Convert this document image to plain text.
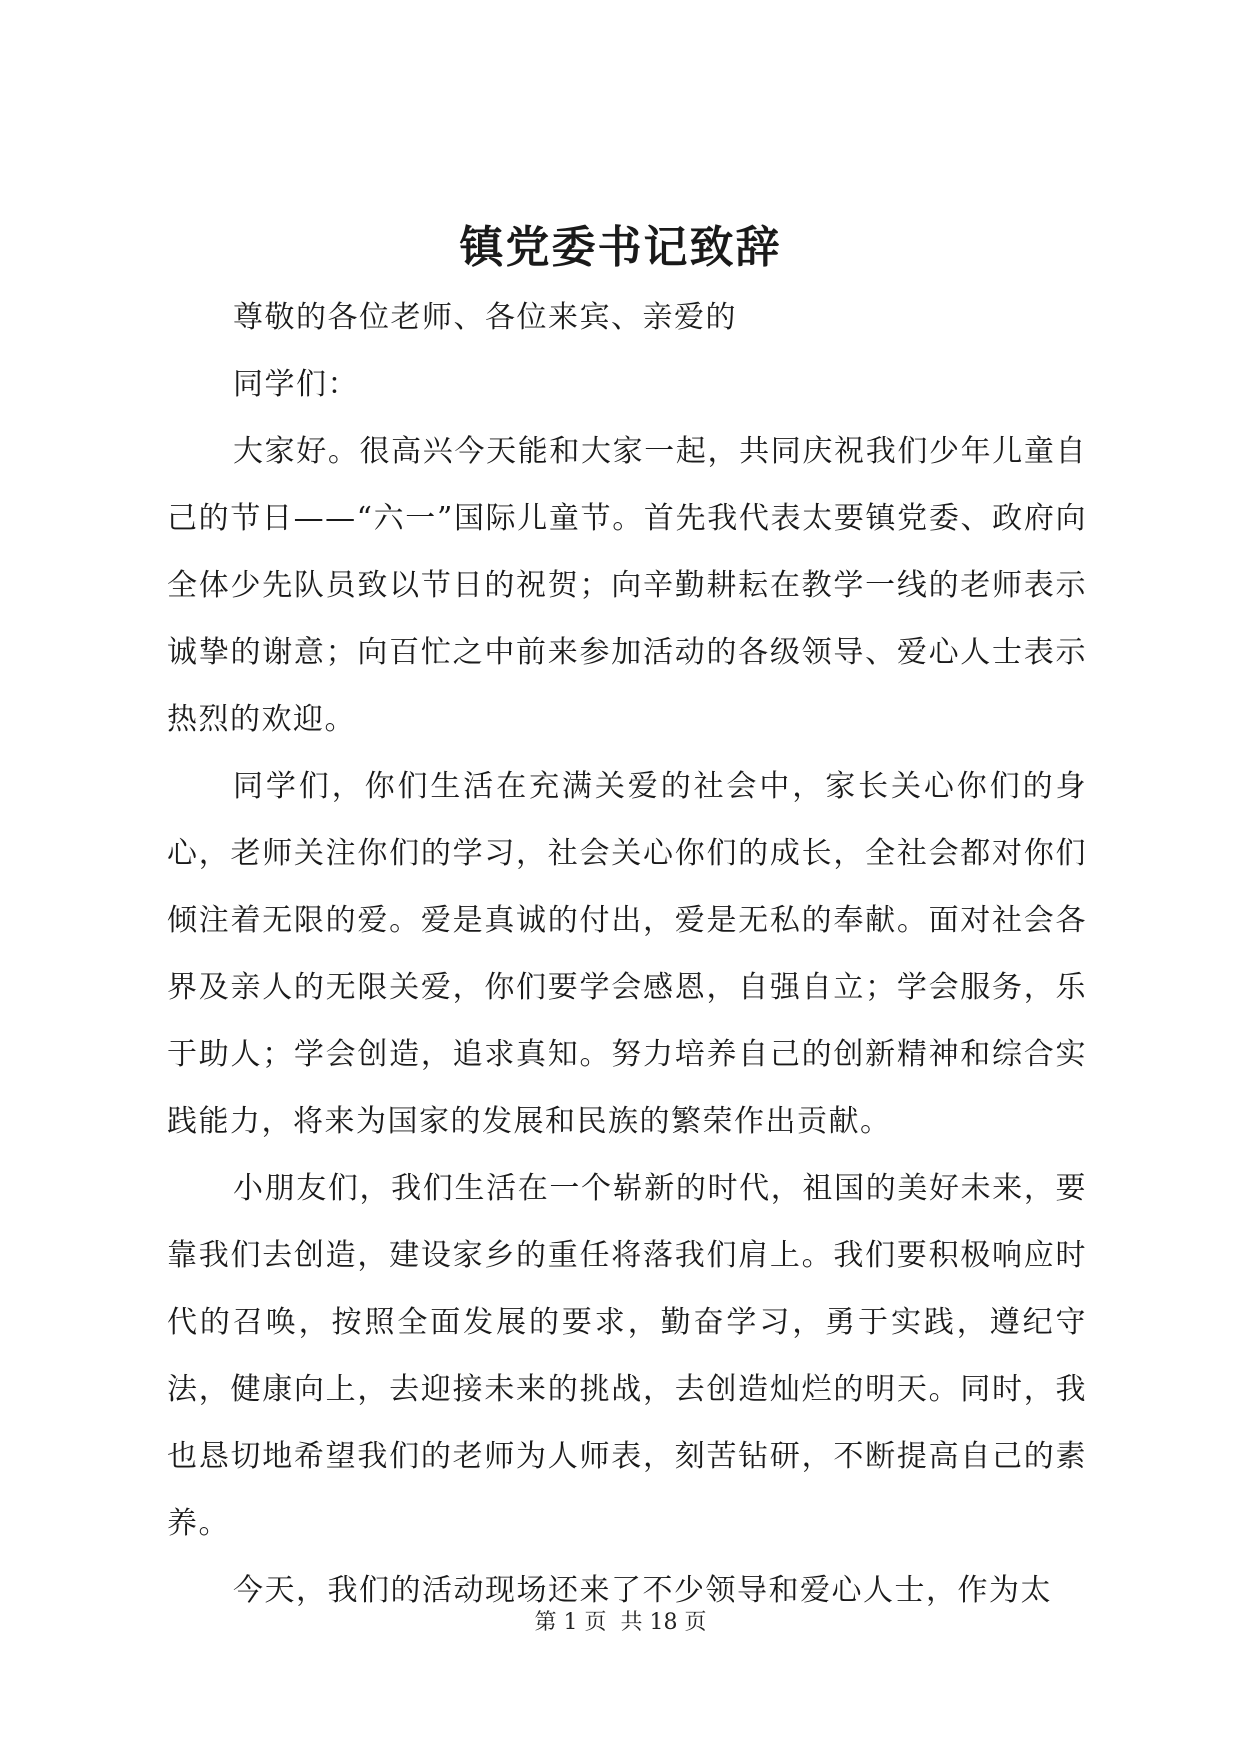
镇党委书记致辞

尊敬的各位老师、各位来宾、亲爱的

同学们：

大家好。很高兴今天能和大家一起，共同庆祝我们少年儿童自己的节日——“六一”国际儿童节。首先我代表太要镇党委、政府向全体少先队员致以节日的祝贺；向辛勤耕耘在教学一线的老师表示诚挚的谢意；向百忙之中前来参加活动的各级领导、爱心人士表示热烈的欢迎。

同学们，你们生活在充满关爱的社会中，家长关心你们的身心，老师关注你们的学习，社会关心你们的成长，全社会都对你们倾注着无限的爱。爱是真诚的付出，爱是无私的奉献。面对社会各界及亲人的无限关爱，你们要学会感恩，自强自立；学会服务，乐于助人；学会创造，追求真知。努力培养自己的创新精神和综合实践能力，将来为国家的发展和民族的繁荣作出贡献。

小朋友们，我们生活在一个崭新的时代，祖国的美好未来，要靠我们去创造，建设家乡的重任将落我们肩上。我们要积极响应时代的召唤，按照全面发展的要求，勤奋学习，勇于实践，遵纪守法，健康向上，去迎接未来的挑战，去创造灿烂的明天。同时，我也恳切地希望我们的老师为人师表，刻苦钻研，不断提高自己的素养。

今天，我们的活动现场还来了不少领导和爱心人士，作为太

第 1 页  共 18 页
